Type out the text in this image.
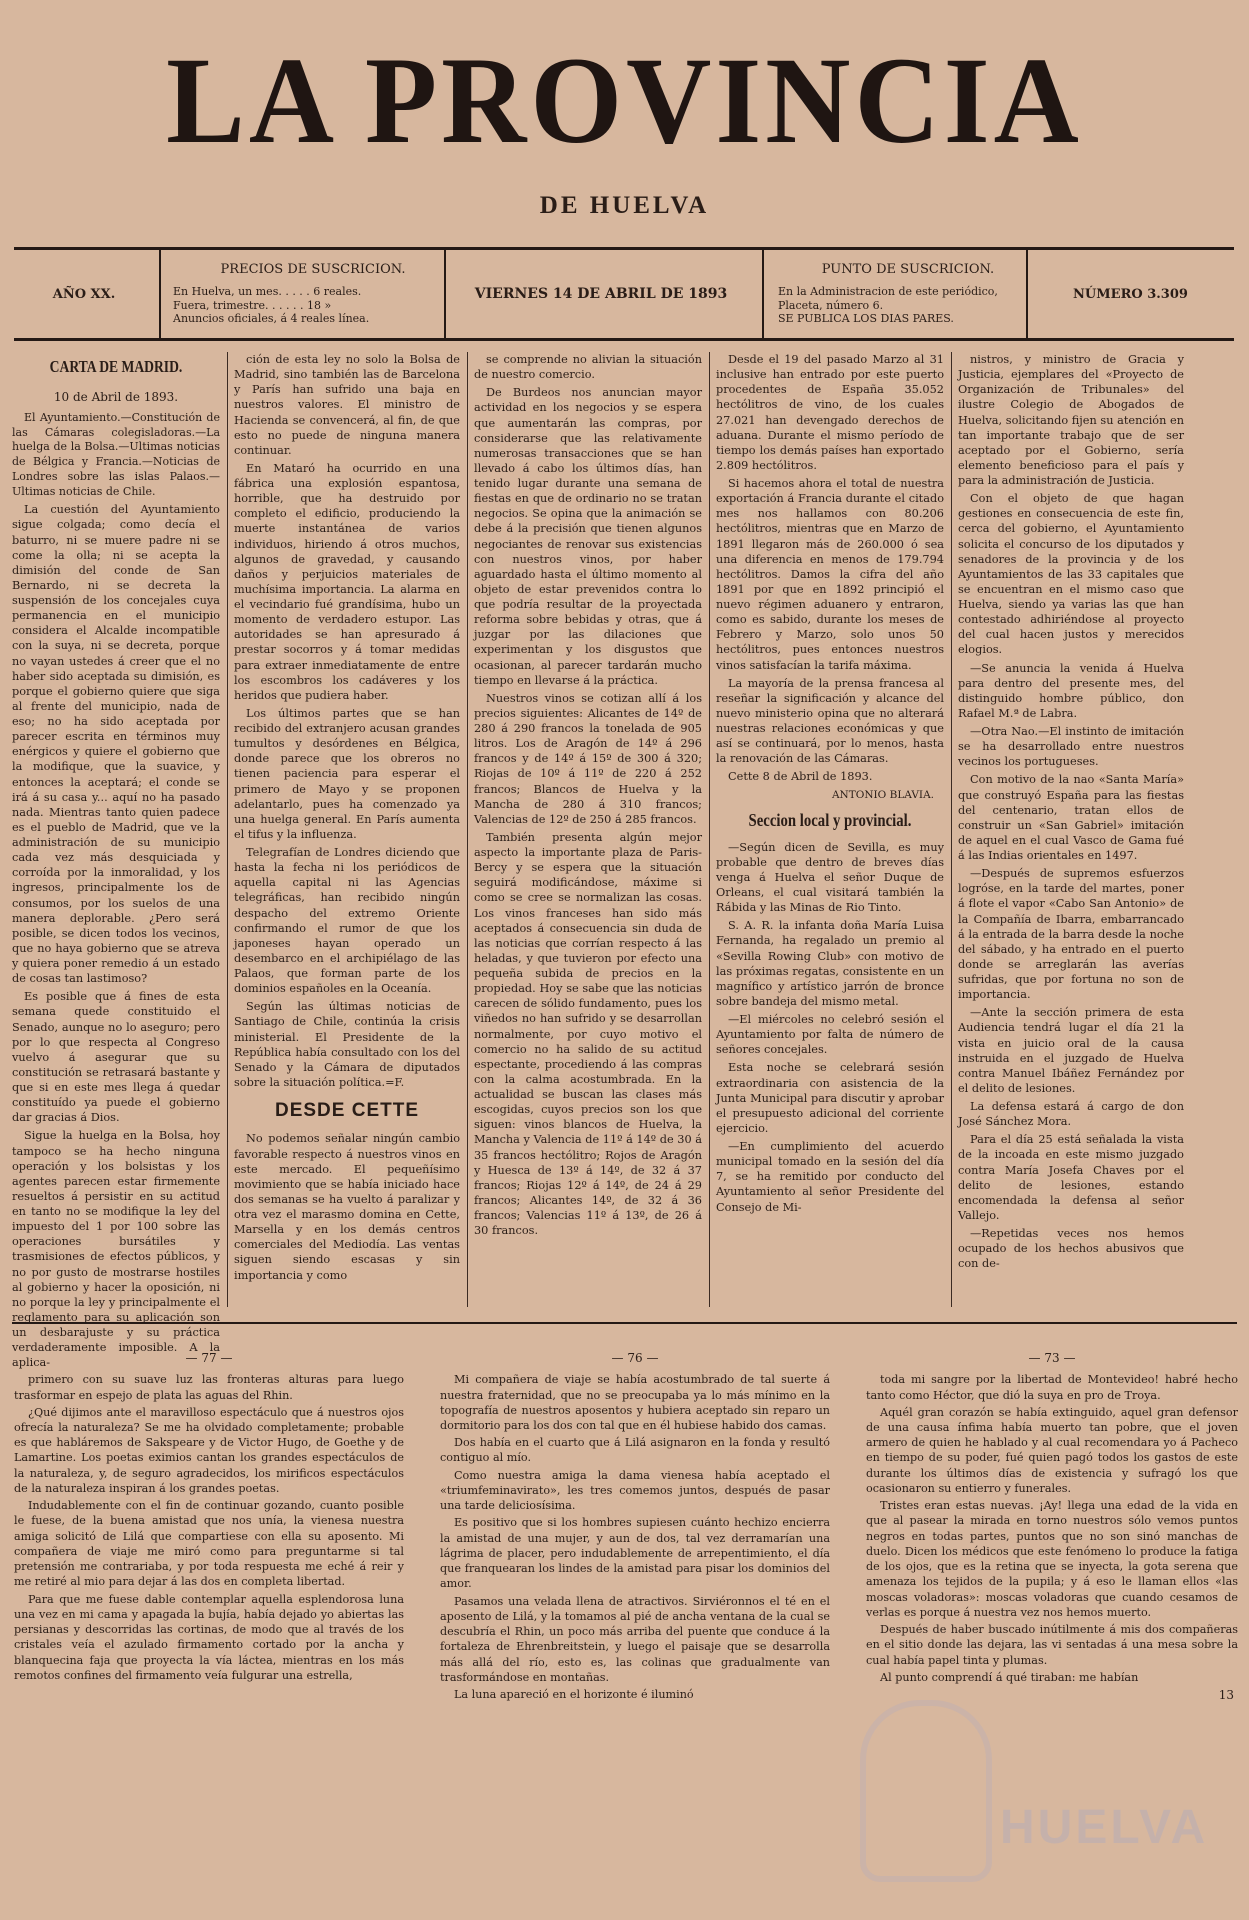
LA PROVINCIA
DE HUELVA
AÑO XX.
PRECIOS DE SUSCRICION.
En Huelva, un mes. . . . . 6 reales.
Fuera, trimestre. . . . . . 18 »
Anuncios oficiales, á 4 reales línea.
VIERNES 14 DE ABRIL DE 1893
PUNTO DE SUSCRICION.
En la Administracion de este periódico,
Placeta, número 6.
SE PUBLICA LOS DIAS PARES.
NÚMERO 3.309
CARTA DE MADRID.
10 de Abril de 1893.

El Ayuntamiento.—Constitución de las Cámaras colegisladoras.—La huelga de la Bolsa.—Ultimas noticias de Bélgica y Francia.—Noticias de Londres sobre las islas Palaos.—Ultimas noticias de Chile.

La cuestión del Ayuntamiento sigue colgada; como decía el baturro, ni se muere padre ni se come la olla; ni se acepta la dimisión del conde de San Bernardo, ni se decreta la suspensión de los concejales cuya permanencia en el municipio considera el Alcalde incompatible con la suya, ni se decreta, porque no vayan ustedes á creer que el no haber sido aceptada su dimisión, es porque el gobierno quiere que siga al frente del municipio, nada de eso; no ha sido aceptada por parecer escrita en términos muy enérgicos y quiere el gobierno que la modifique, que la suavice, y entonces la aceptará; el conde se irá á su casa y... aquí no ha pasado nada. Mientras tanto quien padece es el pueblo de Madrid, que ve la administración de su municipio cada vez más desquiciada y corroída por la inmoralidad, y los ingresos, principalmente los de consumos, por los suelos de una manera deplorable. ¿Pero será posible, se dicen todos los vecinos, que no haya gobierno que se atreva y quiera poner remedio á un estado de cosas tan lastimoso?

Es posible que á fines de esta semana quede constituido el Senado, aunque no lo aseguro; pero por lo que respecta al Congreso vuelvo á asegurar que su constitución se retrasará bastante y que si en este mes llega á quedar constituído ya puede el gobierno dar gracias á Dios.

Sigue la huelga en la Bolsa, hoy tampoco se ha hecho ninguna operación y los bolsistas y los agentes parecen estar firmemente resueltos á persistir en su actitud en tanto no se modifique la ley del impuesto del 1 por 100 sobre las operaciones bursátiles y trasmisiones de efectos públicos, y no por gusto de mostrarse hostiles al gobierno y hacer la oposición, ni no porque la ley y principalmente el reglamento para su aplicación son un desbarajuste y su práctica verdaderamente imposible. A la aplica-

ción de esta ley no solo la Bolsa de Madrid, sino también las de Barcelona y París han sufrido una baja en nuestros valores. El ministro de Hacienda se convencerá, al fin, de que esto no puede de ninguna manera continuar.

En Mataró ha ocurrido en una fábrica una explosión espantosa, horrible, que ha destruido por completo el edificio, produciendo la muerte instantánea de varios individuos, hiriendo á otros muchos, algunos de gravedad, y causando daños y perjuicios materiales de muchísima importancia. La alarma en el vecindario fué grandísima, hubo un momento de verdadero estupor. Las autoridades se han apresurado á prestar socorros y á tomar medidas para extraer inmediatamente de entre los escombros los cadáveres y los heridos que pudiera haber.

Los últimos partes que se han recibido del extranjero acusan grandes tumultos y desórdenes en Bélgica, donde parece que los obreros no tienen paciencia para esperar el primero de Mayo y se proponen adelantarlo, pues ha comenzado ya una huelga general. En París aumenta el tifus y la influenza.

Telegrafían de Londres diciendo que hasta la fecha ni los periódicos de aquella capital ni las Agencias telegráficas, han recibido ningún despacho del extremo Oriente confirmando el rumor de que los japoneses hayan operado un desembarco en el archipiélago de las Palaos, que forman parte de los dominios españoles en la Oceanía.

Según las últimas noticias de Santiago de Chile, continúa la crisis ministerial. El Presidente de la República había consultado con los del Senado y la Cámara de diputados sobre la situación política.=F.

DESDE CETTE

No podemos señalar ningún cambio favorable respecto á nuestros vinos en este mercado. El pequeñísimo movimiento que se había iniciado hace dos semanas se ha vuelto á paralizar y otra vez el marasmo domina en Cette, Marsella y en los demás centros comerciales del Mediodía. Las ventas siguen siendo escasas y sin importancia y como

se comprende no alivian la situación de nuestro comercio.

De Burdeos nos anuncian mayor actividad en los negocios y se espera que aumentarán las compras, por considerarse que las relativamente numerosas transacciones que se han llevado á cabo los últimos días, han tenido lugar durante una semana de fiestas en que de ordinario no se tratan negocios. Se opina que la animación se debe á la precisión que tienen algunos negociantes de renovar sus existencias con nuestros vinos, por haber aguardado hasta el último momento al objeto de estar prevenidos contra lo que podría resultar de la proyectada reforma sobre bebidas y otras, que á juzgar por las dilaciones que experimentan y los disgustos que ocasionan, al parecer tardarán mucho tiempo en llevarse á la práctica.

Nuestros vinos se cotizan allí á los precios siguientes: Alicantes de 14º de 280 á 290 francos la tonelada de 905 litros. Los de Aragón de 14º á 296 francos y de 14º á 15º de 300 á 320; Riojas de 10º á 11º de 220 á 252 francos; Blancos de Huelva y la Mancha de 280 á 310 francos; Valencias de 12º de 250 á 285 francos.

También presenta algún mejor aspecto la importante plaza de Paris-Bercy y se espera que la situación seguirá modificándose, máxime si como se cree se normalizan las cosas. Los vinos franceses han sido más aceptados á consecuencia sin duda de las noticias que corrían respecto á las heladas, y que tuvieron por efecto una pequeña subida de precios en la propiedad. Hoy se sabe que las noticias carecen de sólido fundamento, pues los viñedos no han sufrido y se desarrollan normalmente, por cuyo motivo el comercio no ha salido de su actitud espectante, procediendo á las compras con la calma acostumbrada. En la actualidad se buscan las clases más escogidas, cuyos precios son los que siguen: vinos blancos de Huelva, la Mancha y Valencia de 11º á 14º de 30 á 35 francos hectólitro; Rojos de Aragón y Huesca de 13º á 14º, de 32 á 37 francos; Riojas 12º á 14º, de 24 á 29 francos; Alicantes 14º, de 32 á 36 francos; Valencias 11º á 13º, de 26 á 30 francos.

Desde el 19 del pasado Marzo al 31 inclusive han entrado por este puerto procedentes de España 35.052 hectólitros de vino, de los cuales 27.021 han devengado derechos de aduana. Durante el mismo período de tiempo los demás países han exportado 2.809 hectólitros.

Si hacemos ahora el total de nuestra exportación á Francia durante el citado mes nos hallamos con 80.206 hectólitros, mientras que en Marzo de 1891 llegaron más de 260.000 ó sea una diferencia en menos de 179.794 hectólitros. Damos la cifra del año 1891 por que en 1892 principió el nuevo régimen aduanero y entraron, como es sabido, durante los meses de Febrero y Marzo, solo unos 50 hectólitros, pues entonces nuestros vinos satisfacían la tarifa máxima.

La mayoría de la prensa francesa al reseñar la significación y alcance del nuevo ministerio opina que no alterará nuestras relaciones económicas y que así se continuará, por lo menos, hasta la renovación de las Cámaras.

Cette 8 de Abril de 1893.

ANTONIO BLAVIA.
Seccion local y provincial.

—Según dicen de Sevilla, es muy probable que dentro de breves días venga á Huelva el señor Duque de Orleans, el cual visitará también la Rábida y las Minas de Rio Tinto.

S. A. R. la infanta doña María Luisa Fernanda, ha regalado un premio al «Sevilla Rowing Club» con motivo de las próximas regatas, consistente en un magnífico y artístico jarrón de bronce sobre bandeja del mismo metal.

—El miércoles no celebró sesión el Ayuntamiento por falta de número de señores concejales.

Esta noche se celebrará sesión extraordinaria con asistencia de la Junta Municipal para discutir y aprobar el presupuesto adicional del corriente ejercicio.

—En cumplimiento del acuerdo municipal tomado en la sesión del día 7, se ha remitido por conducto del Ayuntamiento al señor Presidente del Consejo de Mi-

nistros, y ministro de Gracia y Justicia, ejemplares del «Proyecto de Organización de Tribunales» del ilustre Colegio de Abogados de Huelva, solicitando fijen su atención en tan importante trabajo que de ser aceptado por el Gobierno, sería elemento beneficioso para el país y para la administración de Justicia.

Con el objeto de que hagan gestiones en consecuencia de este fin, cerca del gobierno, el Ayuntamiento solicita el concurso de los diputados y senadores de la provincia y de los Ayuntamientos de las 33 capitales que se encuentran en el mismo caso que Huelva, siendo ya varias las que han contestado adhiriéndose al proyecto del cual hacen justos y merecidos elogios.

—Se anuncia la venida á Huelva para dentro del presente mes, del distinguido hombre público, don Rafael M.ª de Labra.

—Otra Nao.—El instinto de imitación se ha desarrollado entre nuestros vecinos los portugueses.

Con motivo de la nao «Santa María» que construyó España para las fiestas del centenario, tratan ellos de construir un «San Gabriel» imitación de aquel en el cual Vasco de Gama fué á las Indias orientales en 1497.

—Después de supremos esfuerzos logróse, en la tarde del martes, poner á flote el vapor «Cabo San Antonio» de la Compañía de Ibarra, embarrancado á la entrada de la barra desde la noche del sábado, y ha entrado en el puerto donde se arreglarán las averías sufridas, que por fortuna no son de importancia.

—Ante la sección primera de esta Audiencia tendrá lugar el día 21 la vista en juicio oral de la causa instruida en el juzgado de Huelva contra Manuel Ibáñez Fernández por el delito de lesiones.

La defensa estará á cargo de don José Sánchez Mora.

Para el día 25 está señalada la vista de la incoada en este mismo juzgado contra María Josefa Chaves por el delito de lesiones, estando encomendada la defensa al señor Vallejo.

—Repetidas veces nos hemos ocupado de los hechos abusivos que con de-

— 77 —

primero con su suave luz las fronteras alturas para luego trasformar en espejo de plata las aguas del Rhin.

¿Qué dijimos ante el maravilloso espectáculo que á nuestros ojos ofrecía la naturaleza? Se me ha olvidado completamente; probable es que habláremos de Sakspeare y de Victor Hugo, de Goethe y de Lamartine. Los poetas eximios cantan los grandes espectáculos de la naturaleza, y, de seguro agradecidos, los mirificos espectáculos de la naturaleza inspiran á los grandes poetas.

Indudablemente con el fin de continuar gozando, cuanto posible le fuese, de la buena amistad que nos unía, la vienesa nuestra amiga solicitó de Lilá que compartiese con ella su aposento. Mi compañera de viaje me miró como para preguntarme si tal pretensión me contrariaba, y por toda respuesta me eché á reir y me retiré al mio para dejar á las dos en completa libertad.

Para que me fuese dable contemplar aquella esplendorosa luna una vez en mi cama y apagada la bujía, había dejado yo abiertas las persianas y descorridas las cortinas, de modo que al través de los cristales veía el azulado firmamento cortado por la ancha y blanquecina faja que proyecta la vía láctea, mientras en los más remotos confines del firmamento veía fulgurar una estrella,

— 76 —

Mi compañera de viaje se había acostumbrado de tal suerte á nuestra fraternidad, que no se preocupaba ya lo más mínimo en la topografía de nuestros aposentos y hubiera aceptado sin reparo un dormitorio para los dos con tal que en él hubiese habido dos camas.

Dos había en el cuarto que á Lilá asignaron en la fonda y resultó contiguo al mío.

Como nuestra amiga la dama vienesa había aceptado el «triumfeminavirato», les tres comemos juntos, después de pasar una tarde deliciosísima.

Es positivo que si los hombres supiesen cuánto hechizo encierra la amistad de una mujer, y aun de dos, tal vez derramarían una lágrima de placer, pero indudablemente de arrepentimiento, el día que franquearan los lindes de la amistad para pisar los dominios del amor.

Pasamos una velada llena de atractivos. Sirviéronnos el té en el aposento de Lilá, y la tomamos al pié de ancha ventana de la cual se descubría el Rhin, un poco más arriba del puente que conduce á la fortaleza de Ehrenbreitstein, y luego el paisaje que se desarrolla más allá del río, esto es, las colinas que gradualmente van trasformándose en montañas.

La luna apareció en el horizonte é iluminó

— 73 —

toda mi sangre por la libertad de Montevideo! habré hecho tanto como Héctor, que dió la suya en pro de Troya.

Aquél gran corazón se había extinguido, aquel gran defensor de una causa ínfima había muerto tan pobre, que el joven armero de quien he hablado y al cual recomendara yo á Pacheco en tiempo de su poder, fué quien pagó todos los gastos de este durante los últimos días de existencia y sufragó los que ocasionaron su entierro y funerales.

Tristes eran estas nuevas. ¡Ay! llega una edad de la vida en que al pasear la mirada en torno nuestros sólo vemos puntos negros en todas partes, puntos que no son sinó manchas de duelo. Dicen los médicos que este fenómeno lo produce la fatiga de los ojos, que es la retina que se inyecta, la gota serena que amenaza los tejidos de la pupila; y á eso le llaman ellos «las moscas voladoras»: moscas voladoras que cuando cesamos de verlas es porque á nuestra vez nos hemos muerto.

Después de haber buscado inútilmente á mis dos compañeras en el sitio donde las dejara, las vi sentadas á una mesa sobre la cual había papel tinta y plumas.

Al punto comprendí á qué tiraban: me habían

13
HUELVA
